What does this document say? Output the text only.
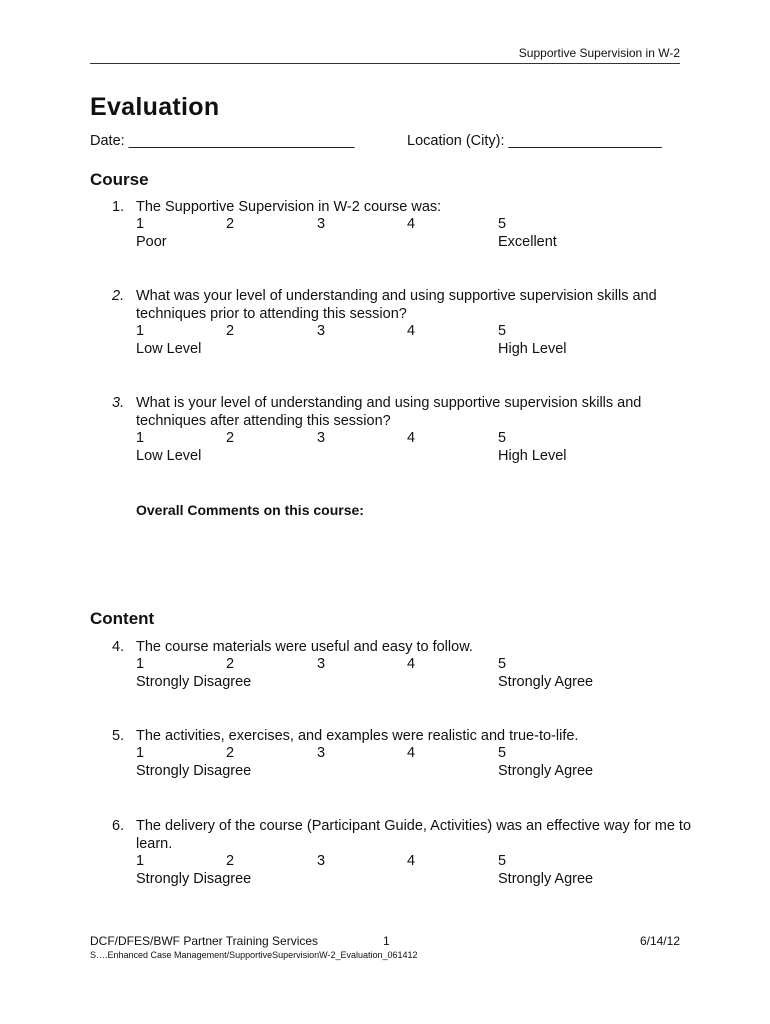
Supportive Supervision in W-2
Evaluation
Date: ____________________________	Location (City): ___________________
Course
1. The Supportive Supervision in W-2 course was:
1	2	3	4	5
Poor	Excellent
2. What was your level of understanding and using supportive supervision skills and techniques prior to attending this session?
1	2	3	4	5
Low Level	High Level
3. What is your level of understanding and using supportive supervision skills and techniques after attending this session?
1	2	3	4	5
Low Level	High Level
Overall Comments on this course:
Content
4. The course materials were useful and easy to follow.
1	2	3	4	5
Strongly Disagree	Strongly Agree
5. The activities, exercises, and examples were realistic and true-to-life.
1	2	3	4	5
Strongly Disagree	Strongly Agree
6. The delivery of the course (Participant Guide, Activities) was an effective way for me to learn.
1	2	3	4	5
Strongly Disagree	Strongly Agree
DCF/DFES/BWF Partner Training Services	1	6/14/12
S….Enhanced Case Management/SupportiveSupervisionW-2_Evaluation_061412
